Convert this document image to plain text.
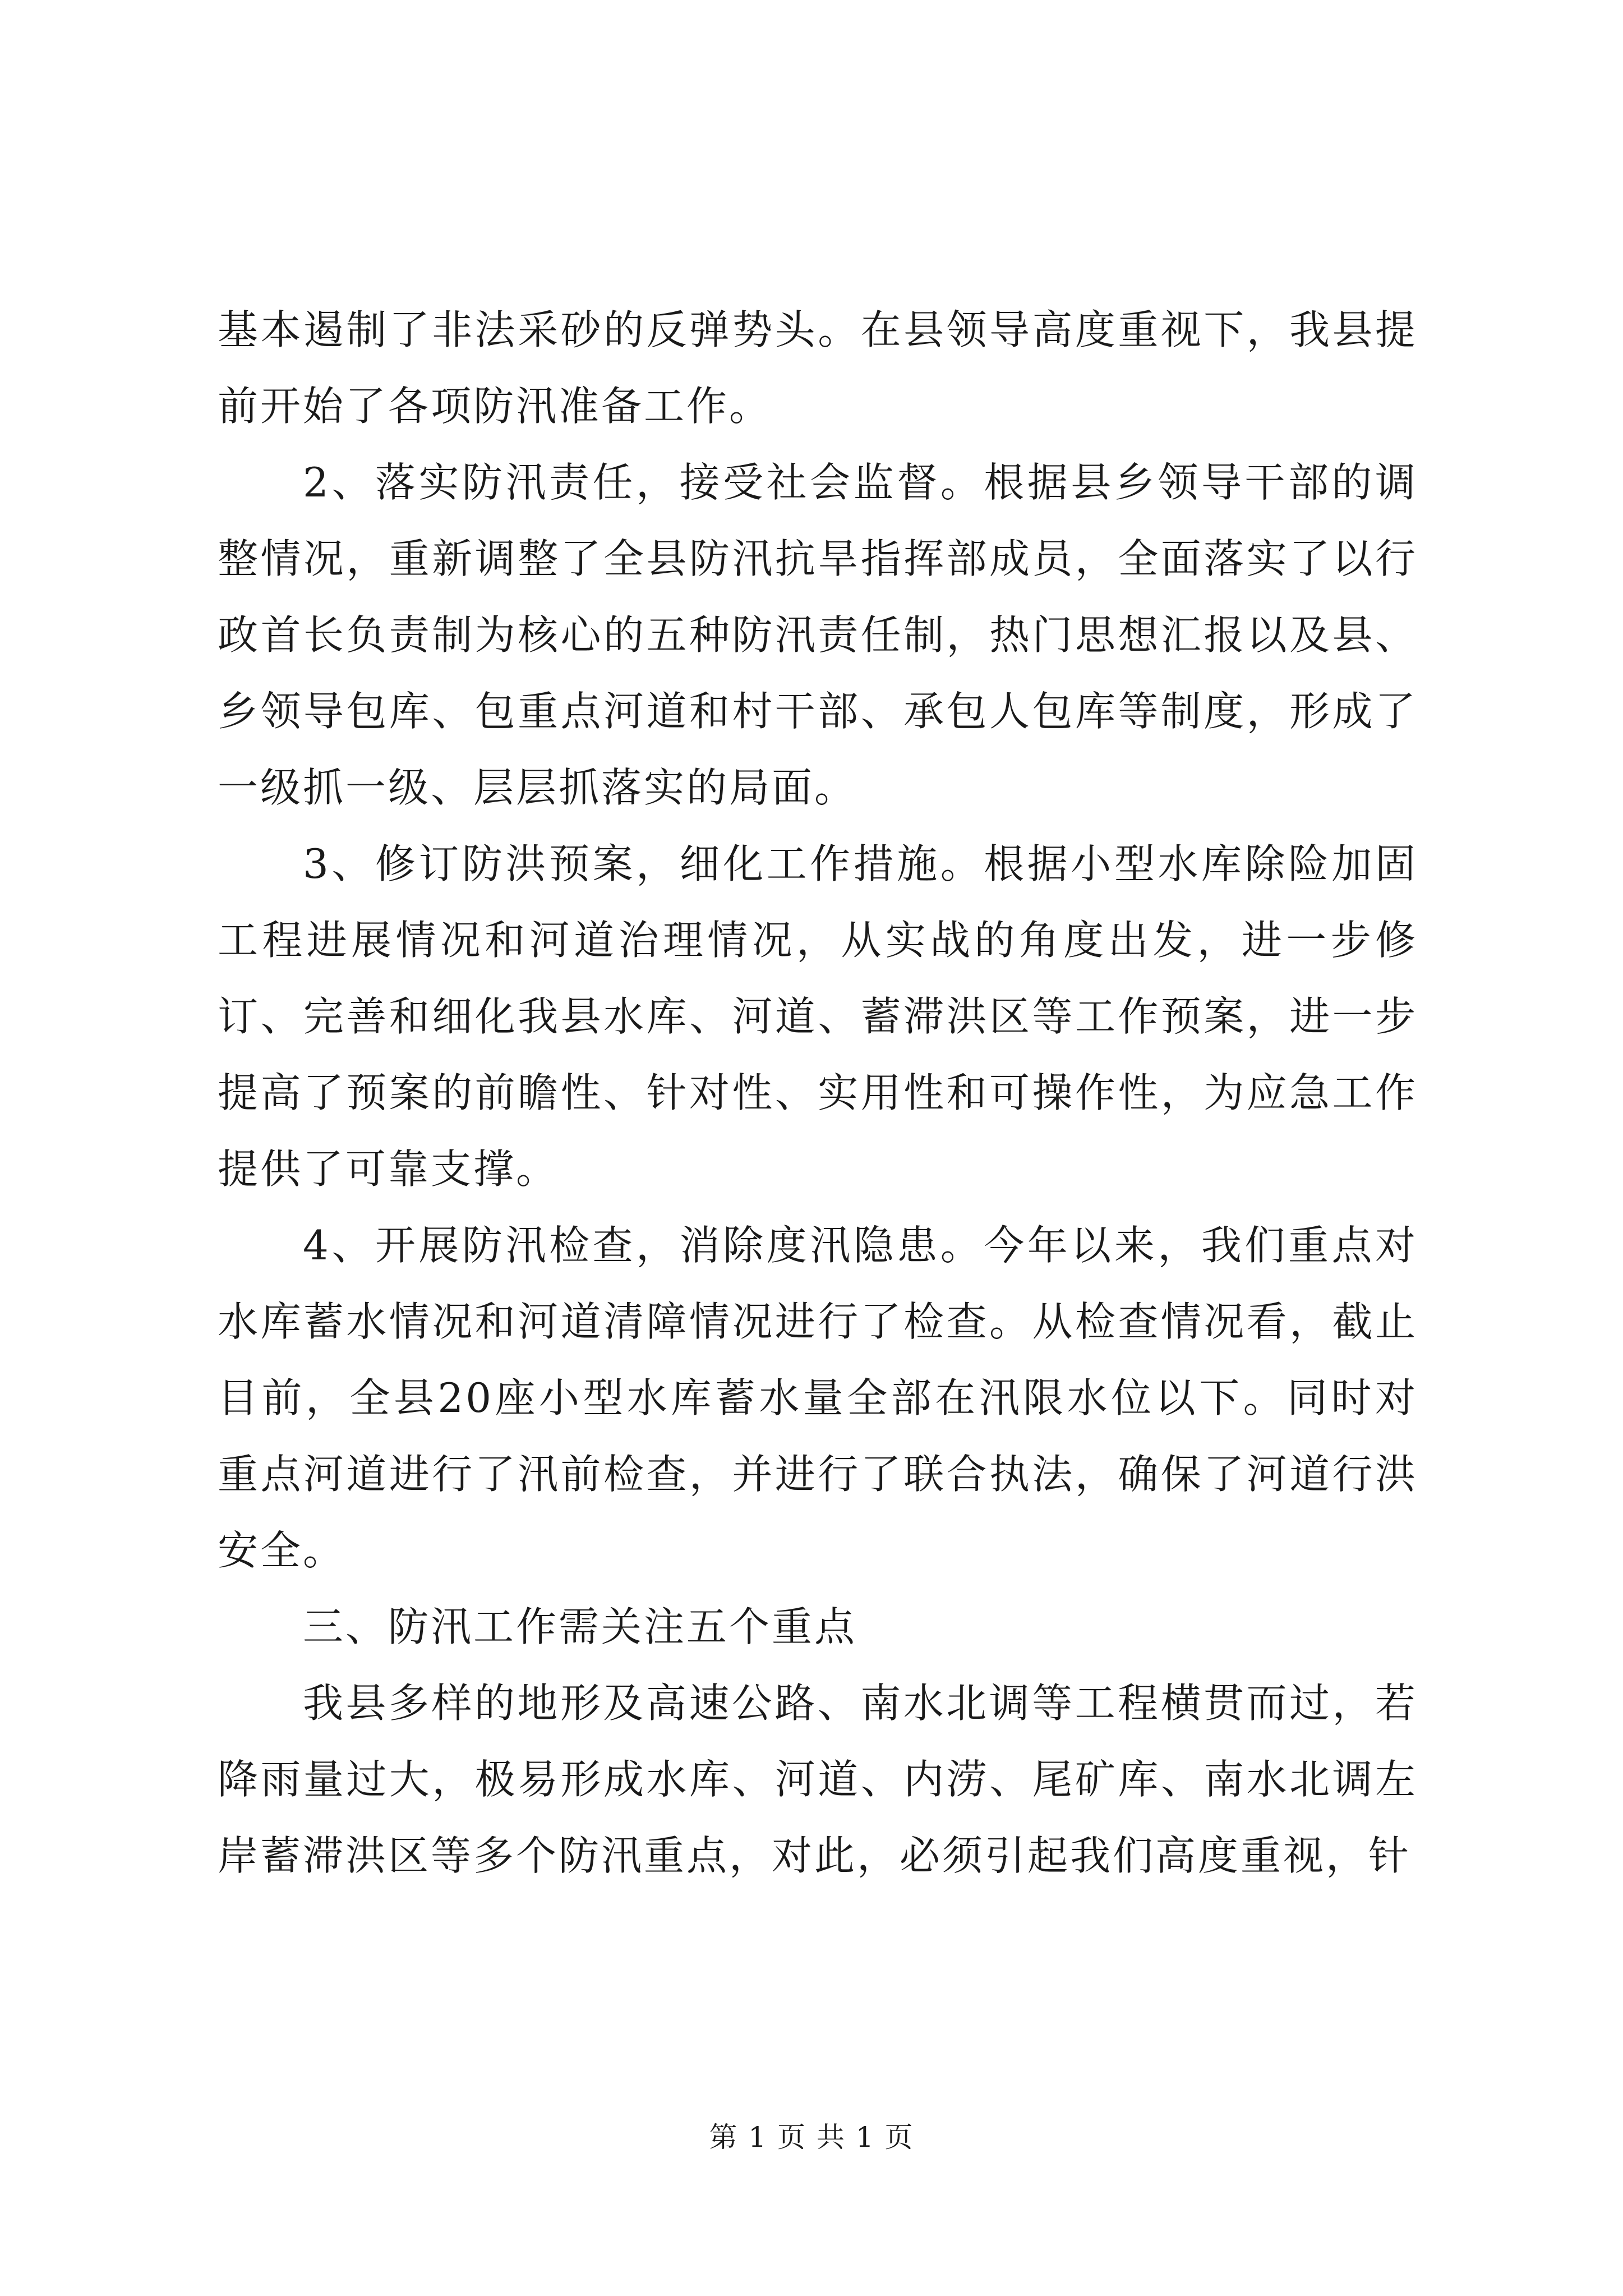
基本遏制了非法采砂的反弹势头。在县领导高度重视下，我县提前开始了各项防汛准备工作。

2、落实防汛责任，接受社会监督。根据县乡领导干部的调整情况，重新调整了全县防汛抗旱指挥部成员，全面落实了以行政首长负责制为核心的五种防汛责任制，热门思想汇报以及县、乡领导包库、包重点河道和村干部、承包人包库等制度，形成了一级抓一级、层层抓落实的局面。

3、修订防洪预案，细化工作措施。根据小型水库除险加固工程进展情况和河道治理情况，从实战的角度出发，进一步修订、完善和细化我县水库、河道、蓄滞洪区等工作预案，进一步提高了预案的前瞻性、针对性、实用性和可操作性，为应急工作提供了可靠支撑。

4、开展防汛检查，消除度汛隐患。今年以来，我们重点对水库蓄水情况和河道清障情况进行了检查。从检查情况看，截止目前，全县20座小型水库蓄水量全部在汛限水位以下。同时对重点河道进行了汛前检查，并进行了联合执法，确保了河道行洪安全。

三、防汛工作需关注五个重点

我县多样的地形及高速公路、南水北调等工程横贯而过，若降雨量过大，极易形成水库、河道、内涝、尾矿库、南水北调左岸蓄滞洪区等多个防汛重点，对此，必须引起我们高度重视，针

第 1 页 共 1 页
